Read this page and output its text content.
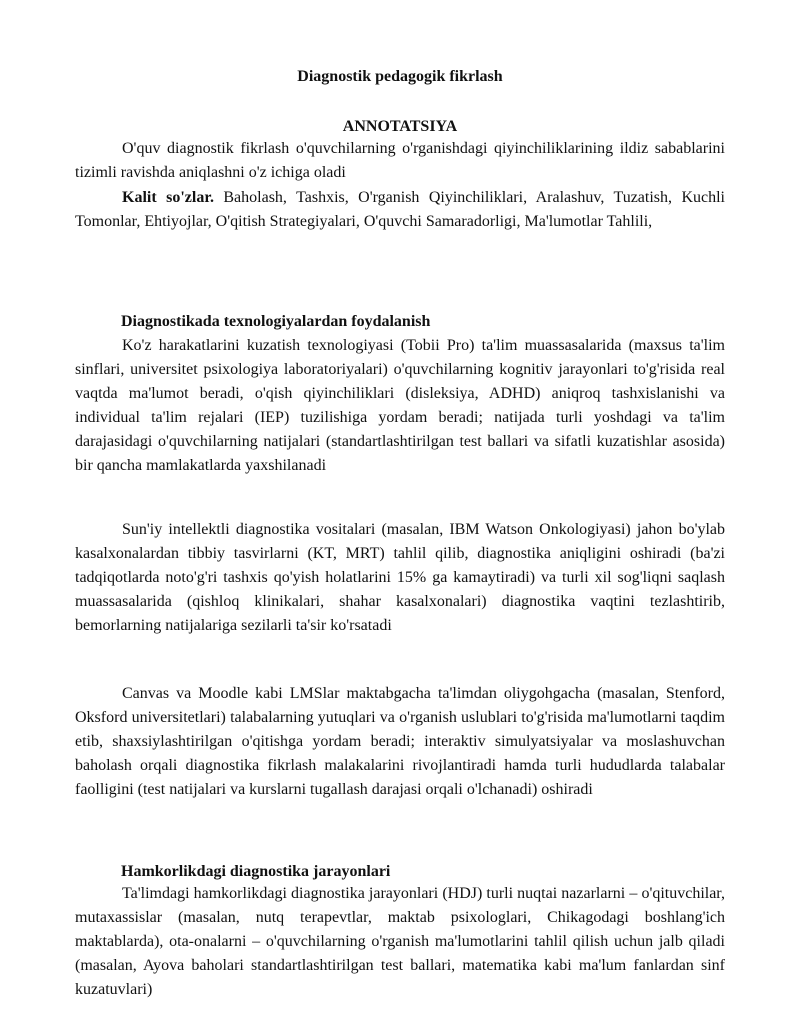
Diagnostik pedagogik fikrlash
ANNOTATSIYA

O'quv diagnostik fikrlash o'quvchilarning o'rganishdagi qiyinchiliklarining ildiz sabablarini tizimli ravishda aniqlashni o'z ichiga oladi

Kalit so'zlar. Baholash, Tashxis, O'rganish Qiyinchiliklari, Aralashuv, Tuzatish, Kuchli Tomonlar, Ehtiyojlar, O'qitish Strategiyalari, O'quvchi Samaradorligi, Ma'lumotlar Tahlili,

Diagnostikada texnologiyalardan foydalanish

Ko'z harakatlarini kuzatish texnologiyasi (Tobii Pro) ta'lim muassasalarida (maxsus ta'lim sinflari, universitet psixologiya laboratoriyalari) o'quvchilarning kognitiv jarayonlari to'g'risida real vaqtda ma'lumot beradi, o'qish qiyinchiliklari (disleksiya, ADHD) aniqroq tashxislanishi va individual ta'lim rejalari (IEP) tuzilishiga yordam beradi; natijada turli yoshdagi va ta'lim darajasidagi o'quvchilarning natijalari (standartlashtirilgan test ballari va sifatli kuzatishlar asosida) bir qancha mamlakatlarda yaxshilanadi

Sun'iy intellektli diagnostika vositalari (masalan, IBM Watson Onkologiyasi) jahon bo'ylab kasalxonalardan tibbiy tasvirlarni (KT, MRT) tahlil qilib, diagnostika aniqligini oshiradi (ba'zi tadqiqotlarda noto'g'ri tashxis qo'yish holatlarini 15% ga kamaytiradi) va turli xil sog'liqni saqlash muassasalarida (qishloq klinikalari, shahar kasalxonalari) diagnostika vaqtini tezlashtirib, bemorlarning natijalariga sezilarli ta'sir ko'rsatadi

Canvas va Moodle kabi LMSlar maktabgacha ta'limdan oliygohgacha (masalan, Stenford, Oksford universitetlari) talabalarning yutuqlari va o'rganish uslublari to'g'risida ma'lumotlarni taqdim etib, shaxsiylashtirilgan o'qitishga yordam beradi; interaktiv simulyatsiyalar va moslashuvchan baholash orqali diagnostika fikrlash malakalarini rivojlantiradi hamda turli hududlarda talabalar faolligini (test natijalari va kurslarni tugallash darajasi orqali o'lchanadi) oshiradi

Hamkorlikdagi diagnostika jarayonlari

Ta'limdagi hamkorlikdagi diagnostika jarayonlari (HDJ) turli nuqtai nazarlarni – o'qituvchilar, mutaxassislar (masalan, nutq terapevtlar, maktab psixologlari, Chikagodagi boshlang'ich maktablarda), ota-onalarni – o'quvchilarning o'rganish ma'lumotlarini tahlil qilish uchun jalb qiladi (masalan, Ayova baholari standartlashtirilgan test ballari, matematika kabi ma'lum fanlardan sinf kuzatuvlari)
